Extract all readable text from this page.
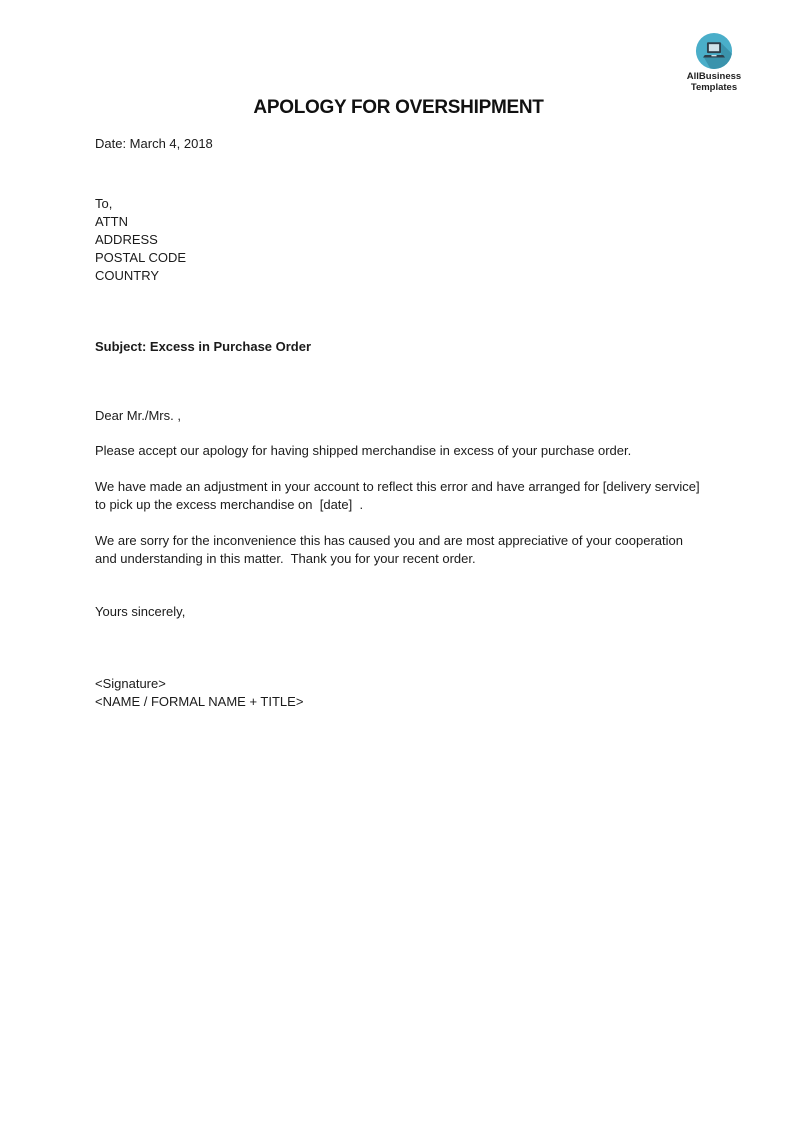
AllBusiness
Templates
APOLOGY FOR OVERSHIPMENT

Date: March 4, 2018

To,

ATTN

ADDRESS

POSTAL CODE

COUNTRY

Subject: Excess in Purchase Order

Dear Mr./Mrs. ,

Please accept our apology for having shipped merchandise in excess of your purchase order.

We have made an adjustment in your account to reflect this error and have arranged for [delivery service] to pick up the excess merchandise on  [date]  .

We are sorry for the inconvenience this has caused you and are most appreciative of your cooperation and understanding in this matter.  Thank you for your recent order.

Yours sincerely,

<Signature>

<NAME / FORMAL NAME + TITLE>
